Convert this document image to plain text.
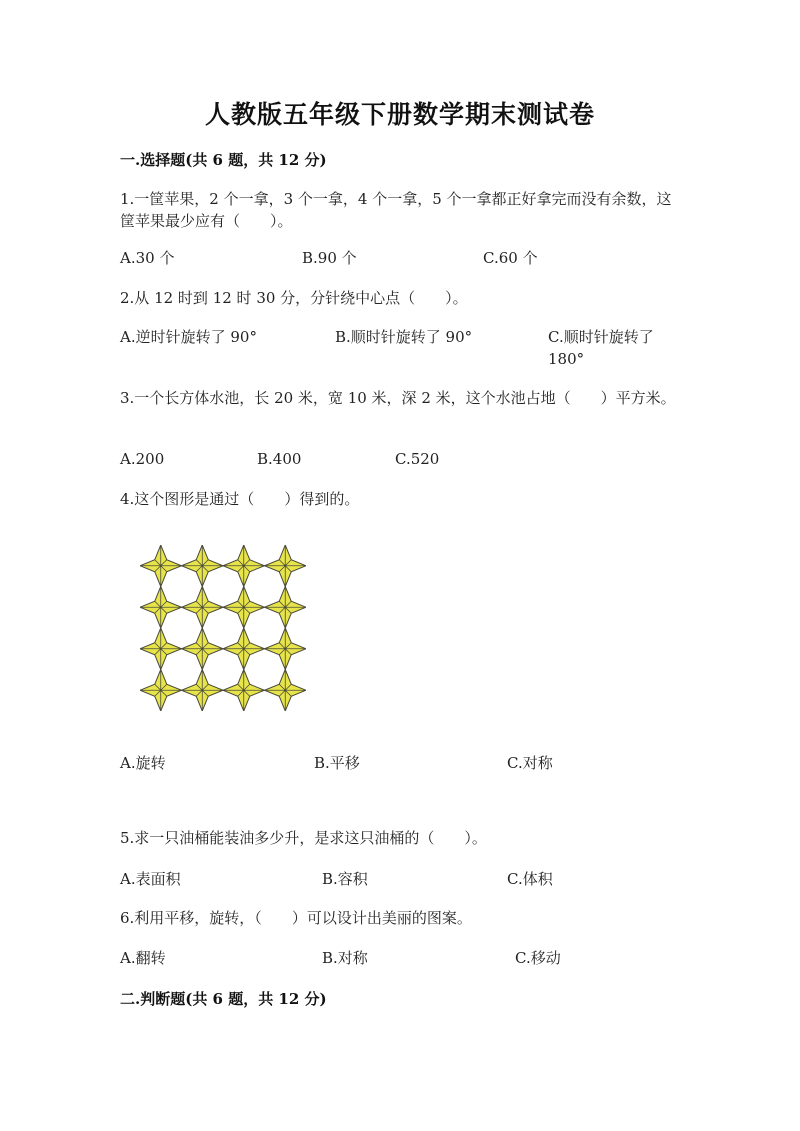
人教版五年级下册数学期末测试卷
一.选择题(共 6 题，共 12 分)
1.一筐苹果，2 个一拿，3 个一拿，4 个一拿，5 个一拿都正好拿完而没有余数，这筐苹果最少应有（　　）。
A.30 个	B.90 个	C.60 个
2.从 12 时到 12 时 30 分，分针绕中心点（　　）。
A.逆时针旋转了 90°	B.顺时针旋转了 90°	C.顺时针旋转了 180°
3.一个长方体水池，长 20 米，宽 10 米，深 2 米，这个水池占地（　　）平方米。
A.200	B.400	C.520
4.这个图形是通过（　　）得到的。
A.旋转	B.平移	C.对称
5.求一只油桶能装油多少升，是求这只油桶的（　　）。
A.表面积	B.容积	C.体积
6.利用平移，旋转，（　　）可以设计出美丽的图案。
A.翻转	B.对称	C.移动
二.判断题(共 6 题，共 12 分)
